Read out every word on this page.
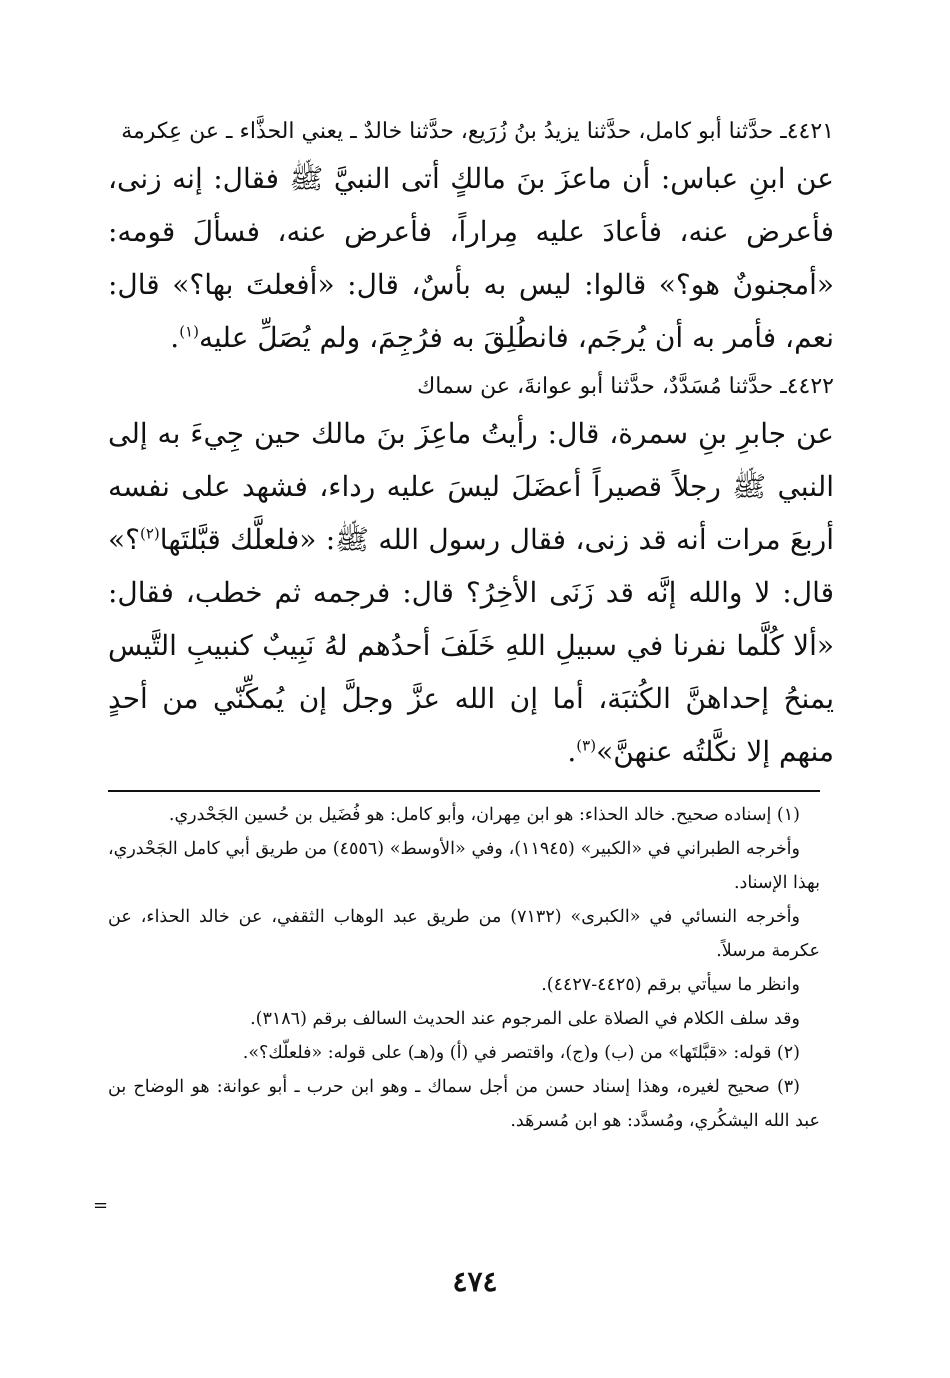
٤٤٢١ـ حدَّثنا أبو كامل، حدَّثنا يزيدُ بنُ زُرَيع، حدَّثنا خالدٌ ـ يعني الحذَّاء ـ عن عِكرمة

عن ابنِ عباس: أن ماعزَ بنَ مالكٍ أتى النبيَّ ﷺ فقال: إنه زنى، فأعرض عنه، فأعادَ عليه مِراراً، فأعرض عنه، فسألَ قومه: «أمجنونٌ هو؟» قالوا: ليس به بأسٌ، قال: «أفعلتَ بها؟» قال: نعم، فأمر به أن يُرجَم، فانطُلِقَ به فرُجِمَ، ولم يُصَلِّ عليه$^{(١)}$.

٤٤٢٢ـ حدَّثنا مُسَدَّدٌ، حدَّثنا أبو عوانةَ، عن سماك

عن جابرِ بنِ سمرة، قال: رأيتُ ماعِزَ بنَ مالك حين جِيءَ به إلى النبي ﷺ رجلاً قصيراً أعضَلَ ليسَ عليه رداء، فشهد على نفسه أربعَ مرات أنه قد زنى، فقال رسول الله ﷺ: «فلعلَّك قبَّلتَها$^{(٢)}$؟» قال: لا والله إنَّه قد زَنَى الأخِرُ؟ قال: فرجمه ثم خطب، فقال: «ألا كُلَّما نفرنا في سبيلِ اللهِ خَلَفَ أحدُهم لهُ نَبِيبٌ كنبيبِ التَّيس يمنحُ إحداهنَّ الكُثبَة، أما إن الله عزَّ وجلَّ إن يُمكِّنّي من أحدٍ منهم إلا نكَّلتُه عنهنَّ»$^{(٣)}$.

(١) إسناده صحيح. خالد الحذاء: هو ابن مِهران، وأبو كامل: هو فُضَيل بن حُسين الجَحْدري.

وأخرجه الطبراني في «الكبير» (١١٩٤٥)، وفي «الأوسط» (٤٥٥٦) من طريق أبي كامل الجَحْدري، بهذا الإسناد.

وأخرجه النسائي في «الكبرى» (٧١٣٢) من طريق عبد الوهاب الثقفي، عن خالد الحذاء، عن عكرمة مرسلاً.

وانظر ما سيأتي برقم (٤٤٢٥-٤٤٢٧).

وقد سلف الكلام في الصلاة على المرجوم عند الحديث السالف برقم (٣١٨٦).

(٢) قوله: «قبَّلتَها» من (ب) و(ج)، واقتصر في (أ) و(هـ) على قوله: «فلعلّك؟».

(٣) صحيح لغيره، وهذا إسناد حسن من أجل سماك ـ وهو ابن حرب ـ أبو عوانة: هو الوضاح بن عبد الله اليشكُري، ومُسدَّد: هو ابن مُسرهَد.

=
٤٧٤
